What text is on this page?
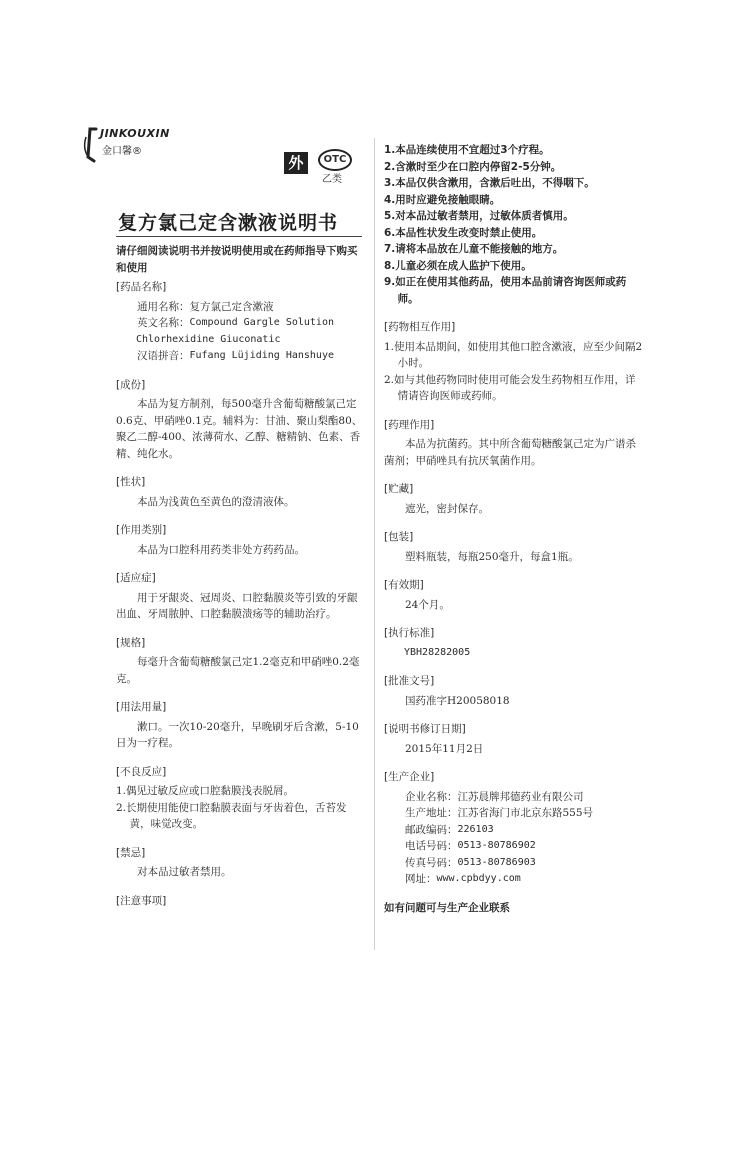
JINKOUXIN
金口馨®
外	OTC
乙类
复方氯己定含漱液说明书
请仔细阅读说明书并按说明使用或在药师指导下购买和使用
[药品名称]
通用名称： 复方氯己定含漱液
英文名称： Compound Gargle Solution
Chlorhexidine Giuconatic
汉语拼音： Fufang Lüjiding Hanshuye
[成份]
本品为复方制剂，每500毫升含葡萄糖酸氯己定0.6克、甲硝唑0.1克。辅料为：甘油、聚山梨酯80、聚乙二醇-400、浓薄荷水、乙醇、糖精钠、色素、香精、纯化水。
[性状]
本品为浅黄色至黄色的澄清液体。
[作用类别]
本品为口腔科用药类非处方药药品。
[适应症]
用于牙龈炎、冠周炎、口腔黏膜炎等引致的牙龈出血、牙周脓肿、口腔黏膜溃疡等的辅助治疗。
[规格]
每毫升含葡萄糖酸氯己定1.2毫克和甲硝唑0.2毫克。
[用法用量]
漱口。一次10-20毫升，早晚刷牙后含漱，5-10日为一疗程。
[不良反应]
1.偶见过敏反应或口腔黏膜浅表脱屑。
2.长期使用能使口腔黏膜表面与牙齿着色，舌苔发黄，味觉改变。
[禁忌]
对本品过敏者禁用。
[注意事项]
1.本品连续使用不宜超过3个疗程。
2.含漱时至少在口腔内停留2-5分钟。
3.本品仅供含漱用，含漱后吐出，不得咽下。
4.用时应避免接触眼睛。
5.对本品过敏者禁用，过敏体质者慎用。
6.本品性状发生改变时禁止使用。
7.请将本品放在儿童不能接触的地方。
8.儿童必须在成人监护下使用。
9.如正在使用其他药品，使用本品前请咨询医师或药师。
[药物相互作用]
1.使用本品期间，如使用其他口腔含漱液，应至少间隔2小时。
2.如与其他药物同时使用可能会发生药物相互作用，详情请咨询医师或药师。
[药理作用]
本品为抗菌药。其中所含葡萄糖酸氯己定为广谱杀菌剂；甲硝唑具有抗厌氧菌作用。
[贮藏]
遮光，密封保存。
[包装]
塑料瓶装，每瓶250毫升，每盒1瓶。
[有效期]
24个月。
[执行标准]
YBH28282005
[批准文号]
国药准字H20058018
[说明书修订日期]
2015年11月2日
[生产企业]
企业名称： 江苏晨牌邦德药业有限公司
生产地址： 江苏省海门市北京东路555号
邮政编码： 226103
电话号码： 0513-80786902
传真号码： 0513-80786903
网址： www.cpbdyy.com
如有问题可与生产企业联系
